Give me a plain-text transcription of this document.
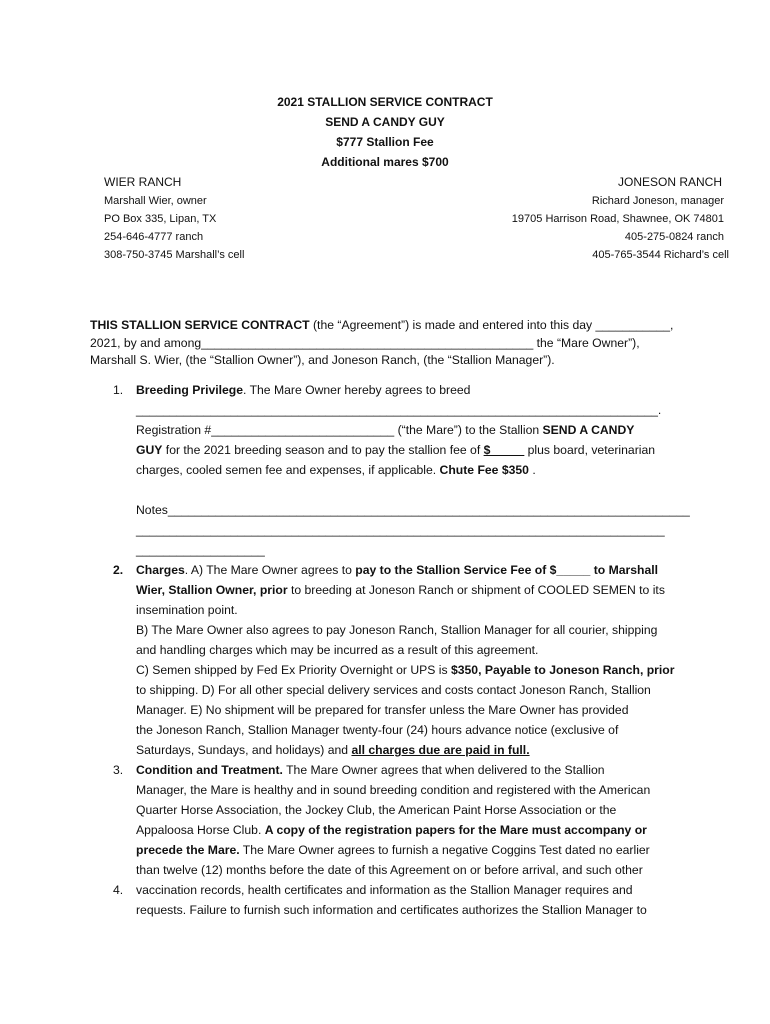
2021 STALLION SERVICE CONTRACT
SEND A CANDY GUY
$777 Stallion Fee
Additional mares $700
WIER RANCH
Marshall Wier, owner
PO Box 335, Lipan, TX
254-646-4777 ranch
308-750-3745 Marshall’s cell
JONESON RANCH
Richard Joneson, manager
19705 Harrison Road, Shawnee, OK 74801
405-275-0824 ranch
405-765-3544 Richard’s cell
THIS STALLION SERVICE CONTRACT (the “Agreement”) is made and entered into this day ___________,
2021, by and among_________________________________________________ the “Mare Owner”),
Marshall S. Wier, (the “Stallion Owner”), and Joneson Ranch, (the “Stallion Manager”).
1. Breeding Privilege. The Mare Owner hereby agrees to breed
_____________________________________________________________________________.
Registration #___________________________ (“the Mare”) to the Stallion SEND A CANDY
GUY for the 2021 breeding season and to pay the stallion fee of $_____ plus board, veterinarian
charges, cooled semen fee and expenses, if applicable. Chute Fee $350 .
Notes_____________________________________________________________________________
______________________________________________________________________________
___________________
2. Charges. A) The Mare Owner agrees to pay to the Stallion Service Fee of $_____ to Marshall
Wier, Stallion Owner, prior to breeding at Joneson Ranch or shipment of COOLED SEMEN to its
insemination point.
B) The Mare Owner also agrees to pay Joneson Ranch, Stallion Manager for all courier, shipping
and handling charges which may be incurred as a result of this agreement.
C) Semen shipped by Fed Ex Priority Overnight or UPS is $350, Payable to Joneson Ranch, prior
to shipping. D) For all other special delivery services and costs contact Joneson Ranch, Stallion
Manager. E) No shipment will be prepared for transfer unless the Mare Owner has provided
the Joneson Ranch, Stallion Manager twenty-four (24) hours advance notice (exclusive of
Saturdays, Sundays, and holidays) and all charges due are paid in full.
3.
4.
Condition and Treatment. The Mare Owner agrees that when delivered to the Stallion
Manager, the Mare is healthy and in sound breeding condition and registered with the American
Quarter Horse Association, the Jockey Club, the American Paint Horse Association or the
Appaloosa Horse Club. A copy of the registration papers for the Mare must accompany or
precede the Mare. The Mare Owner agrees to furnish a negative Coggins Test dated no earlier
than twelve (12) months before the date of this Agreement on or before arrival, and such other
vaccination records, health certificates and information as the Stallion Manager requires and
requests. Failure to furnish such information and certificates authorizes the Stallion Manager to
